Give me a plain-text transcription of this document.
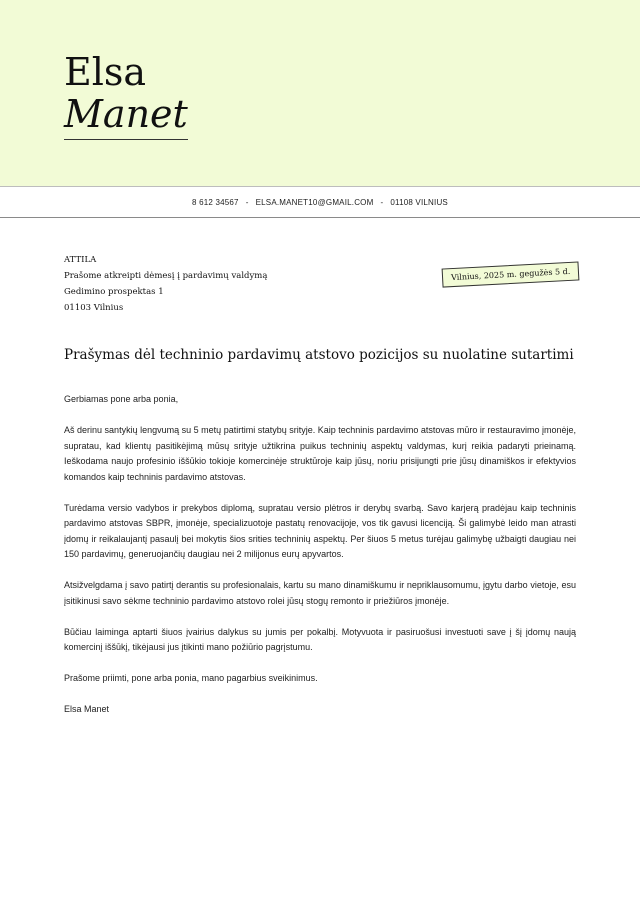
Elsa
Manet
8 612 34567 - ELSA.MANET10@GMAIL.COM - 01108 VILNIUS
ATTILA
Prašome atkreipti dėmesį į pardavimų valdymą
Gedimino prospektas 1
01103 Vilnius
Vilnius, 2025 m. gegužės 5 d.
Prašymas dėl techninio pardavimų atstovo pozicijos su nuolatine sutartimi

Gerbiamas pone arba ponia,

Aš derinu santykių lengvumą su 5 metų patirtimi statybų srityje. Kaip techninis pardavimo atstovas mūro ir restauravimo įmonėje, supratau, kad klientų pasitikėjimą mūsų srityje užtikrina puikus techninių aspektų valdymas, kurį reikia padaryti prieinamą. Ieškodama naujo profesinio iššūkio tokioje komercinėje struktūroje kaip jūsų, noriu prisijungti prie jūsų dinamiškos ir efektyvios komandos kaip techninis pardavimo atstovas.

Turėdama versio vadybos ir prekybos diplomą, supratau versio plėtros ir derybų svarbą. Savo karjerą pradėjau kaip techninis pardavimo atstovas SBPR, įmonėje, specializuotoje pastatų renovacijoje, vos tik gavusi licenciją. Ši galimybė leido man atrasti įdomų ir reikalaujantį pasaulį bei mokytis šios srities techninių aspektų. Per šiuos 5 metus turėjau galimybę užbaigti daugiau nei 150 pardavimų, generuojančių daugiau nei 2 milijonus eurų apyvartos.

Atsižvelgdama į savo patirtį derantis su profesionalais, kartu su mano dinamiškumu ir nepriklausomumu, įgytu darbo vietoje, esu įsitikinusi savo sėkme techninio pardavimo atstovo rolei jūsų stogų remonto ir priežiūros įmonėje.

Būčiau laiminga aptarti šiuos įvairius dalykus su jumis per pokalbį. Motyvuota ir pasiruošusi investuoti save į šį įdomų naują komercinį iššūkį, tikėjausi jus įtikinti mano požiūrio pagrįstumu.

Prašome priimti, pone arba ponia, mano pagarbius sveikinimus.

Elsa Manet
